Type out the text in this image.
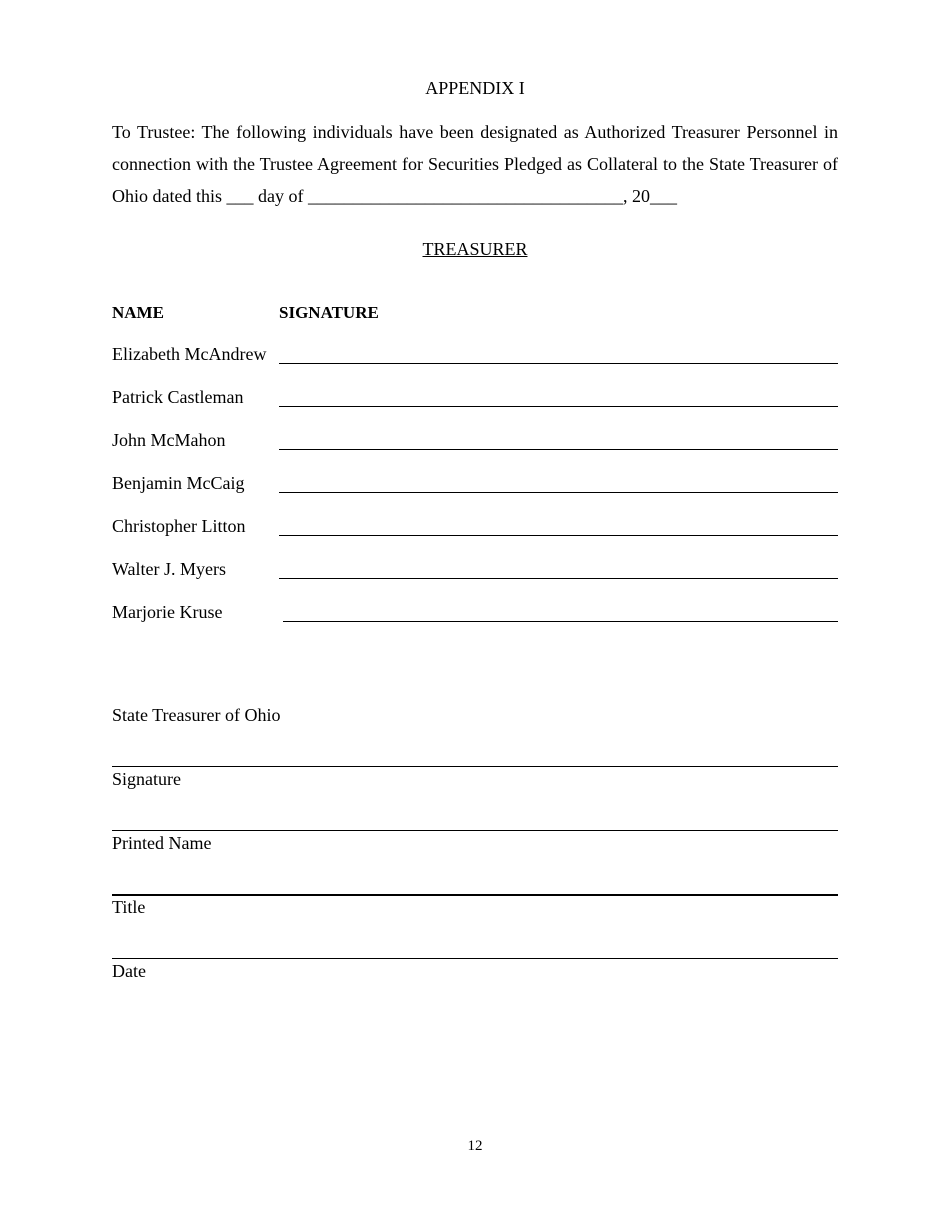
APPENDIX I

To Trustee: The following individuals have been designated as Authorized Treasurer Personnel in connection with the Trustee Agreement for Securities Pledged as Collateral to the State Treasurer of Ohio dated this ___ day of ___________________________________, 20___

TREASURER
NAME	SIGNATURE
Elizabeth McAndrew
Patrick Castleman
John McMahon
Benjamin McCaig
Christopher Litton
Walter J. Myers
Marjorie Kruse
State Treasurer of Ohio
Signature
Printed Name
Title
Date
12
